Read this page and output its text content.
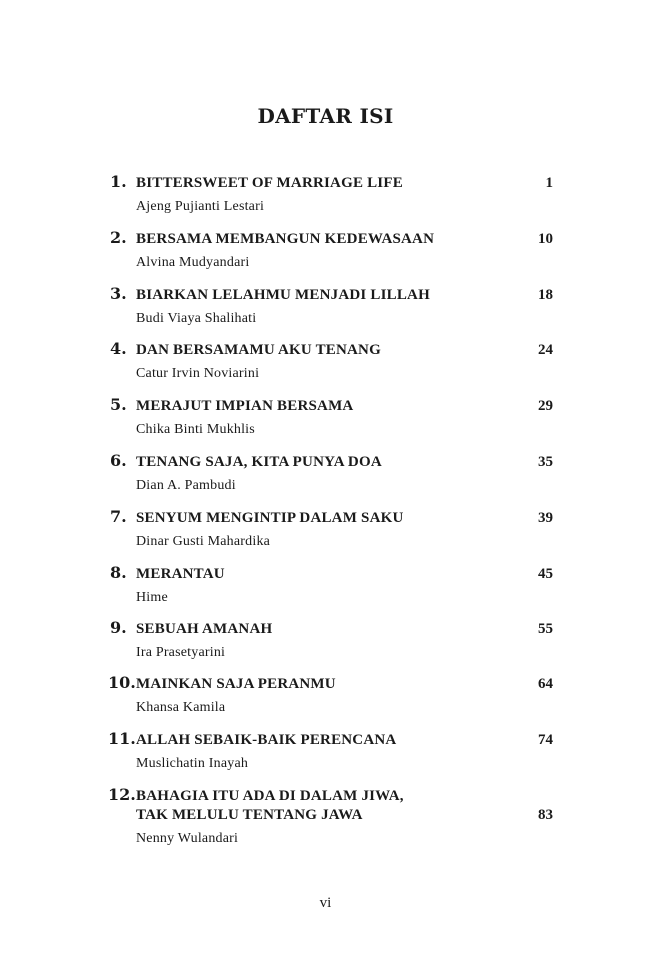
DAFTAR ISI
1. BITTERSWEET OF MARRIAGE LIFE
Ajeng Pujianti Lestari
1
2. BERSAMA MEMBANGUN KEDEWASAAN
Alvina Mudyandari
10
3. BIARKAN LELAHMU MENJADI LILLAH
Budi Viaya Shalihati
18
4. DAN BERSAMAMU AKU TENANG
Catur Irvin Noviarini
24
5. MERAJUT IMPIAN BERSAMA
Chika Binti Mukhlis
29
6. TENANG SAJA, KITA PUNYA DOA
Dian A. Pambudi
35
7. SENYUM MENGINTIP DALAM SAKU
Dinar Gusti Mahardika
39
8. MERANTAU
Hime
45
9. SEBUAH AMANAH
Ira Prasetyarini
55
10. MAINKAN SAJA PERANMU
Khansa Kamila
64
11. ALLAH SEBAIK-BAIK PERENCANA
Muslichatin Inayah
74
12. BAHAGIA ITU ADA DI DALAM JIWA,
TAK MELULU TENTANG JAWA
Nenny Wulandari
83
vi
